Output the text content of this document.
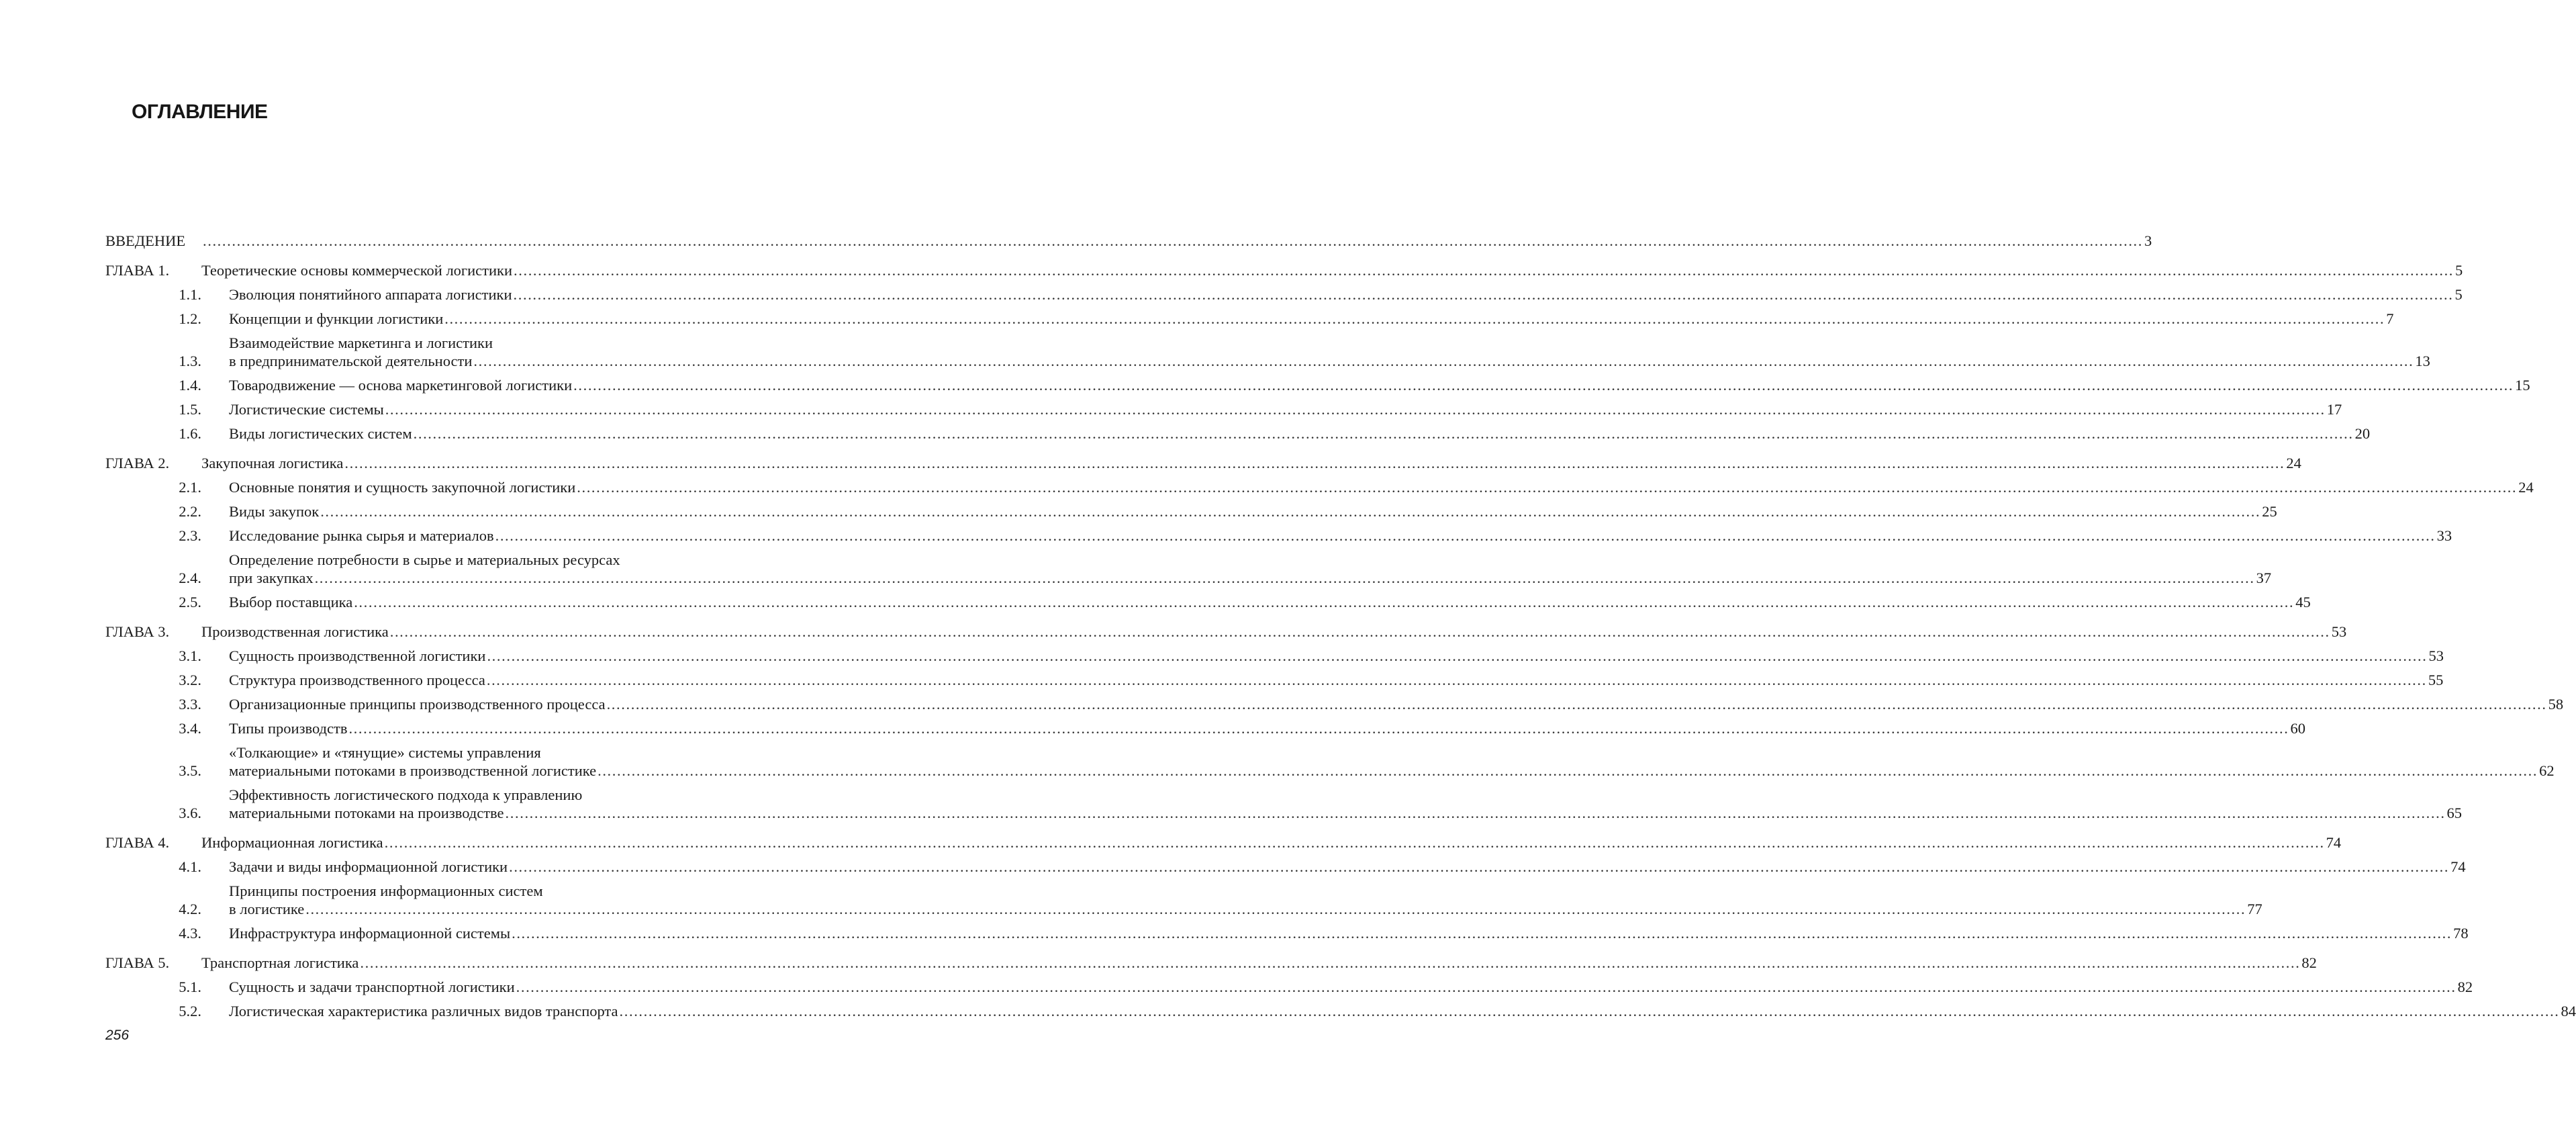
ОГЛАВЛЕНИЕ
ВВЕДЕНИЕ	................................................................................................................................................................................................................................................................................................................................................................................................................ 3
ГЛАВА 1.	Теоретические основы коммерческой логистики ................................................................................................................................................................................................................................................................................................................................................................................................................ 5
1.1. Эволюция понятийного аппарата логистики ................................................................................................................................................................................................................................................................................................................................................................................................................ 5
1.2. Концепции и функции логистики ................................................................................................................................................................................................................................................................................................................................................................................................................ 7
1.3.
Взаимодействие маркетинга и логистики
в предпринимательской деятельности ................................................................................................................................................................................................................................................................................................................................................................................................................ 13
1.4. Товародвижение — основа маркетинговой логистики ................................................................................................................................................................................................................................................................................................................................................................................................................ 15
1.5. Логистические системы ................................................................................................................................................................................................................................................................................................................................................................................................................ 17
1.6. Виды логистических систем ................................................................................................................................................................................................................................................................................................................................................................................................................ 20
ГЛАВА 2.	Закупочная логистика ................................................................................................................................................................................................................................................................................................................................................................................................................ 24
2.1. Основные понятия и сущность закупочной логистики ................................................................................................................................................................................................................................................................................................................................................................................................................ 24
2.2. Виды закупок ................................................................................................................................................................................................................................................................................................................................................................................................................ 25
2.3. Исследование рынка сырья и материалов ................................................................................................................................................................................................................................................................................................................................................................................................................ 33
2.4.
Определение потребности в сырье и материальных ресурсах
при закупках ................................................................................................................................................................................................................................................................................................................................................................................................................ 37
2.5. Выбор поставщика ................................................................................................................................................................................................................................................................................................................................................................................................................ 45
ГЛАВА 3.	Производственная логистика ................................................................................................................................................................................................................................................................................................................................................................................................................ 53
3.1. Сущность производственной логистики ................................................................................................................................................................................................................................................................................................................................................................................................................ 53
3.2. Структура производственного процесса ................................................................................................................................................................................................................................................................................................................................................................................................................ 55
3.3. Организационные принципы производственного процесса ................................................................................................................................................................................................................................................................................................................................................................................................................ 58
3.4. Типы производств ................................................................................................................................................................................................................................................................................................................................................................................................................ 60
3.5.
«Толкающие» и «тянущие» системы управления
материальными потоками в производственной логистике ................................................................................................................................................................................................................................................................................................................................................................................................................ 62
3.6.
Эффективность логистического подхода к управлению
материальными потоками на производстве ................................................................................................................................................................................................................................................................................................................................................................................................................ 65
ГЛАВА 4.	Информационная логистика ................................................................................................................................................................................................................................................................................................................................................................................................................ 74
4.1. Задачи и виды информационной логистики ................................................................................................................................................................................................................................................................................................................................................................................................................ 74
4.2.
Принципы построения информационных систем
в логистике ................................................................................................................................................................................................................................................................................................................................................................................................................ 77
4.3. Инфраструктура информационной системы ................................................................................................................................................................................................................................................................................................................................................................................................................ 78
ГЛАВА 5.	Транспортная логистика ................................................................................................................................................................................................................................................................................................................................................................................................................ 82
5.1. Сущность и задачи транспортной логистики ................................................................................................................................................................................................................................................................................................................................................................................................................ 82
5.2. Логистическая характеристика различных видов транспорта ................................................................................................................................................................................................................................................................................................................................................................................................................ 84

256
